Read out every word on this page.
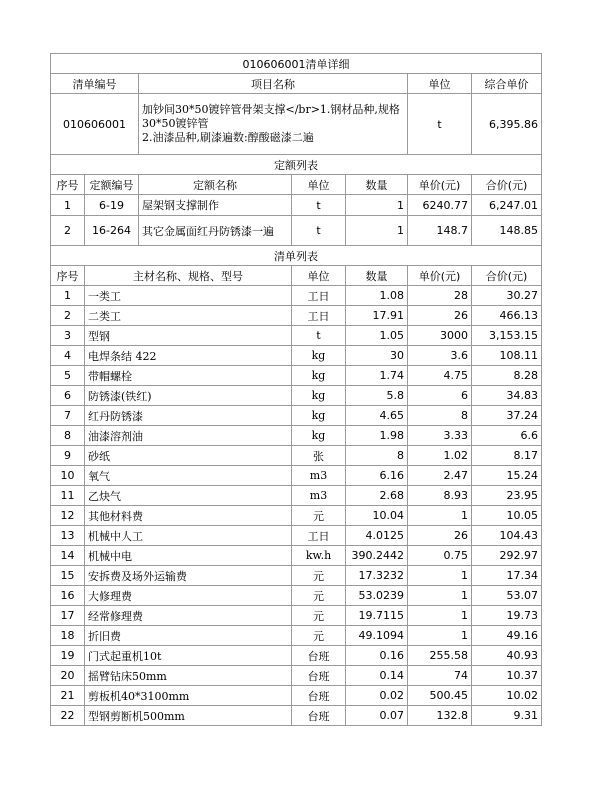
010606001清单详细						
清单编号		项目名称			单位	综合单价
010606001		加钞间30*50镀锌管骨架支撑</br>1.钢材品种,规格30*50镀锌管
2.油漆品种,刷漆遍数:醇酸磁漆二遍			t	6,395.86
定额列表						
序号	定额编号	定额名称	单位	数量	单价(元)	合价(元)
1	6-19	屋架钢支撑制作	t	1	6240.77	6,247.01
2	16-264	其它金属面红丹防锈漆一遍	t	1	148.7	148.85
清单列表						
序号	主材名称、规格、型号		单位	数量	单价(元)	合价(元)
1	一类工		工日	1.08	28	30.27
2	二类工		工日	17.91	26	466.13
3	型钢		t	1.05	3000	3,153.15
4	电焊条结 422		kg	30	3.6	108.11
5	带帽螺栓		kg	1.74	4.75	8.28
6	防锈漆(铁红)		kg	5.8	6	34.83
7	红丹防锈漆		kg	4.65	8	37.24
8	油漆溶剂油		kg	1.98	3.33	6.6
9	砂纸		张	8	1.02	8.17
10	氧气		m3	6.16	2.47	15.24
11	乙炔气		m3	2.68	8.93	23.95
12	其他材料费		元	10.04	1	10.05
13	机械中人工		工日	4.0125	26	104.43
14	机械中电		kw.h	390.2442	0.75	292.97
15	安拆费及场外运输费		元	17.3232	1	17.34
16	大修理费		元	53.0239	1	53.07
17	经常修理费		元	19.7115	1	19.73
18	折旧费		元	49.1094	1	49.16
19	门式起重机10t		台班	0.16	255.58	40.93
20	摇臂钻床50mm		台班	0.14	74	10.37
21	剪板机40*3100mm		台班	0.02	500.45	10.02
22	型钢剪断机500mm		台班	0.07	132.8	9.31
